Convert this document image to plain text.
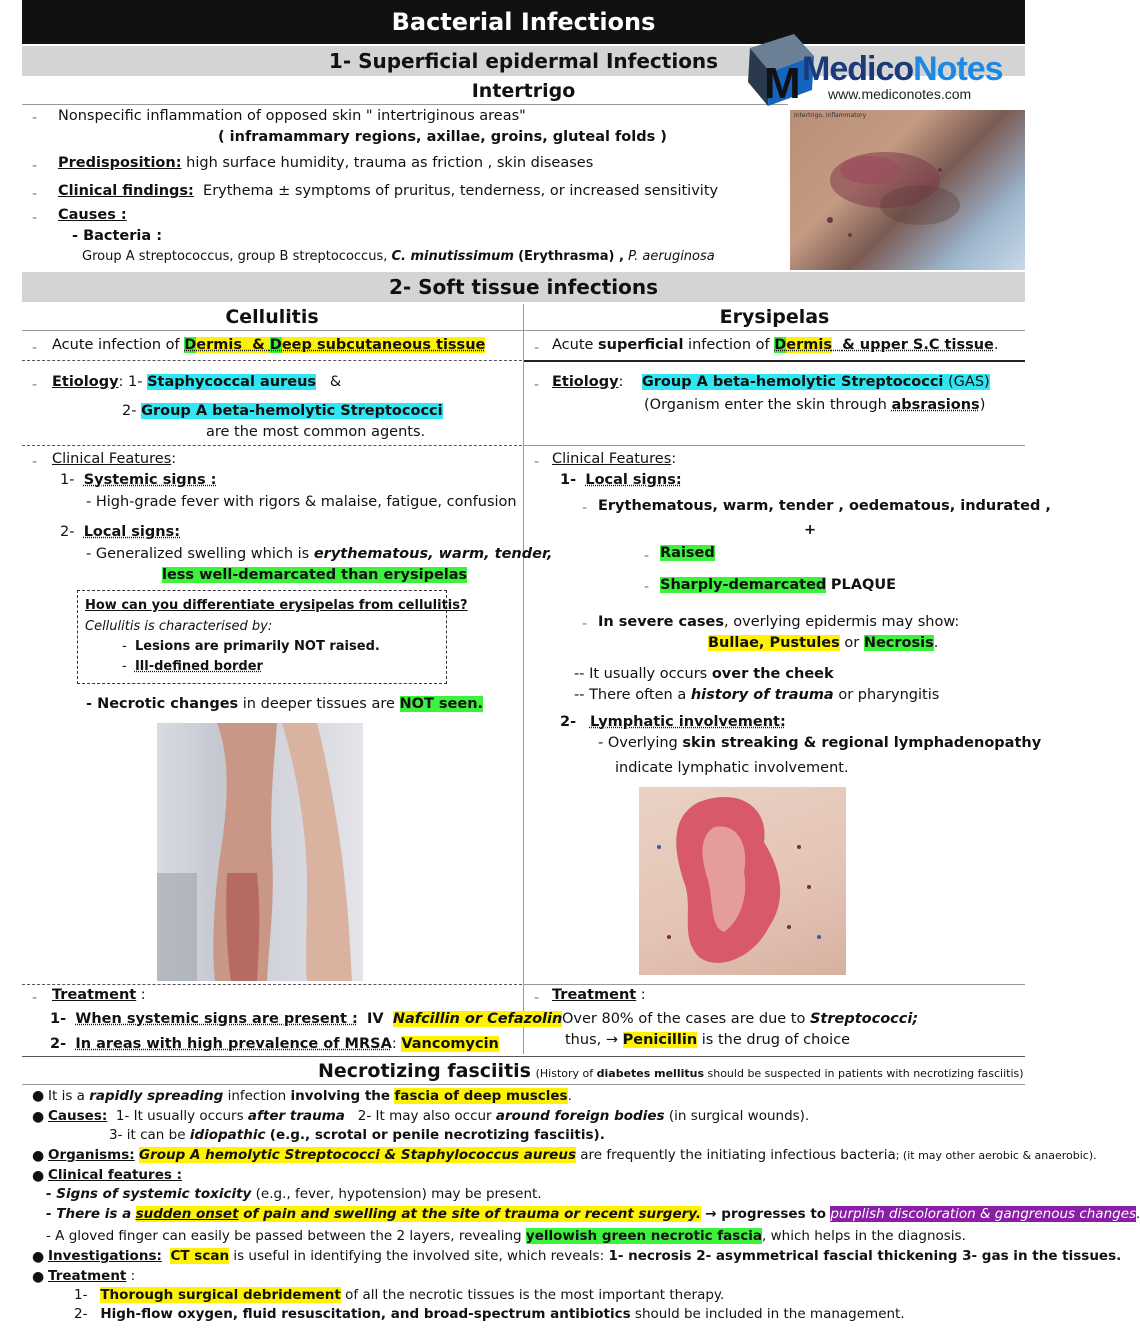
Bacterial Infections
1- Superficial epidermal Infections
Intertrigo	M MedicoNotes
www.mediconotes.com
Intertrigo, inflammatory
- Nonspecific inflammation of opposed skin " intertriginous areas"
( inframammary regions, axillae, groins, gluteal folds )
- Predisposition: high surface humidity, trauma as friction , skin diseases
- Clinical findings: Erythema ± symptoms of pruritus, tenderness, or increased sensitivity
- Causes :
- Bacteria :
Group A streptococcus, group B streptococcus, C. minutissimum (Erythrasma) , P. aeruginosa
2- Soft tissue infections
Cellulitis	Erysipelas
- Acute infection of Dermis  & Deep subcutaneous tissue
- Etiology: 1- Staphycoccal aureus &
2- Group A beta-hemolytic Streptococci
are the most common agents.
- Clinical Features:
1- Systemic signs :
- High-grade fever with rigors & malaise, fatigue, confusion
2- Local signs:
- Generalized swelling which is erythematous, warm, tender,
less well-demarcated than erysipelas
How can you differentiate erysipelas from cellulitis?
Cellulitis is characterised by:
-  Lesions are primarily NOT raised.
-  Ill-defined border
- Necrotic changes in deeper tissues are NOT seen.
- Treatment :
1- When systemic signs are present : IV Nafcillin or Cefazolin
2- In areas with high prevalence of MRSA: Vancomycin
- Acute superficial infection of Dermis & upper S.C tissue.
- Etiology:    Group A beta-hemolytic Streptococci (GAS)
(Organism enter the skin through absrasions)
- Clinical Features:
1- Local signs:
- Erythematous, warm, tender , oedematous, indurated ,
+
- Raised
- Sharply-demarcated PLAQUE
- In severe cases, overlying epidermis may show:
Bullae, Pustules or Necrosis.
-- It usually occurs over the cheek
-- There often a history of trauma or pharyngitis
2- Lymphatic involvement:
- Overlying skin streaking & regional lymphadenopathy
indicate lymphatic involvement.
- Treatment :
Over 80% of the cases are due to Streptococci;
thus, → Penicillin is the drug of choice
Necrotizing fasciitis (History of diabetes mellitus should be suspected in patients with necrotizing fasciitis)
● It is a rapidly spreading infection involving the fascia of deep muscles.
● Causes: 1- It usually occurs after trauma 2- It may also occur around foreign bodies (in surgical wounds).
3- it can be idiopathic (e.g., scrotal or penile necrotizing fasciitis).
● Organisms: Group A hemolytic Streptococci & Staphylococcus aureus are frequently the initiating infectious bacteria; (it may other aerobic & anaerobic).
● Clinical features :
- Signs of systemic toxicity (e.g., fever, hypotension) may be present.
- There is a sudden onset of pain and swelling at the site of trauma or recent surgery. → progresses to purplish discoloration & gangrenous changes.
- A gloved finger can easily be passed between the 2 layers, revealing yellowish green necrotic fascia, which helps in the diagnosis.
● Investigations: CT scan is useful in identifying the involved site, which reveals: 1- necrosis 2- asymmetrical fascial thickening 3- gas in the tissues.
● Treatment :
1- Thorough surgical debridement of all the necrotic tissues is the most important therapy.
2- High-flow oxygen, fluid resuscitation, and broad-spectrum antibiotics should be included in the management.
